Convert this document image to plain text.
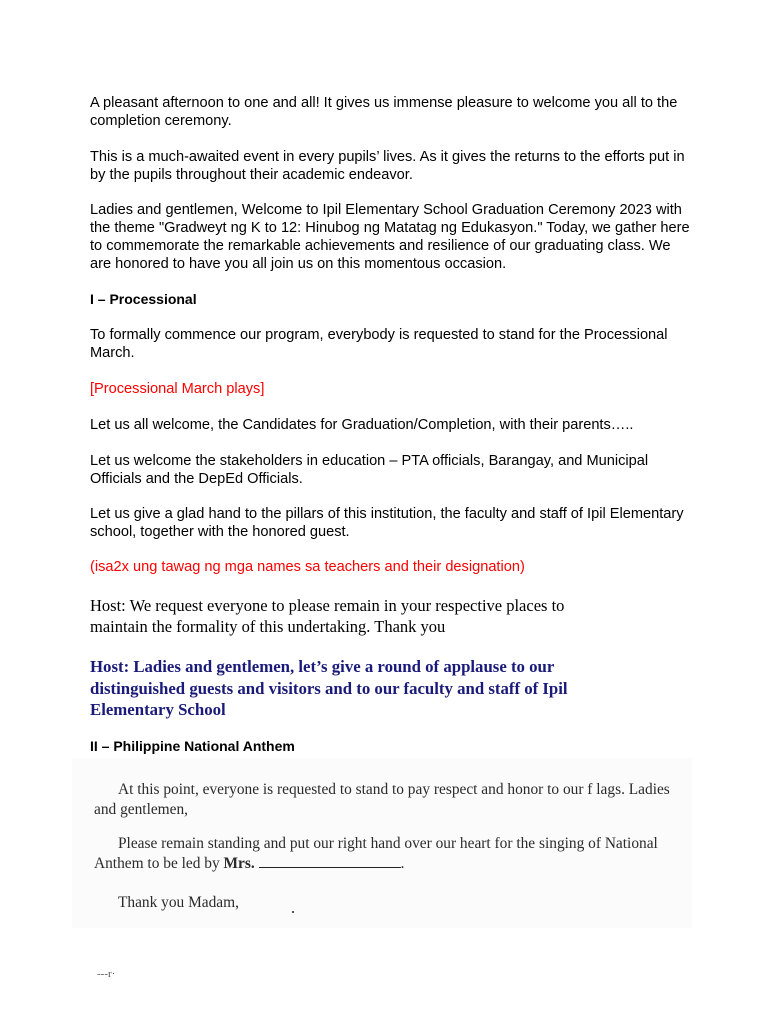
A pleasant afternoon to one and all! It gives us immense pleasure to welcome you all to the completion ceremony.

This is a much-awaited event in every pupils’ lives. As it gives the returns to the efforts put in by the pupils throughout their academic endeavor.

Ladies and gentlemen, Welcome to Ipil Elementary School Graduation Ceremony 2023 with the theme "Gradweyt ng K to 12: Hinubog ng Matatag ng Edukasyon." Today, we gather here to commemorate the remarkable achievements and resilience of our graduating class. We are honored to have you all join us on this momentous occasion.

I – Processional

To formally commence our program, everybody is requested to stand for the Processional March.

[Processional March plays]

Let us all welcome, the Candidates for Graduation/Completion, with their parents…..

Let us welcome the stakeholders in education – PTA officials, Barangay, and Municipal Officials and the DepEd Officials.

Let us give a glad hand to the pillars of this institution, the faculty and staff of Ipil Elementary school, together with the honored guest.

(isa2x ung tawag ng mga names sa teachers and their designation)

Host: We request everyone to please remain in your respective places to maintain the formality of this undertaking. Thank you

Host: Ladies and gentlemen, let’s give a round of applause to our distinguished guests and visitors and to our faculty and staff of Ipil Elementary School

II – Philippine National Anthem

At this point, everyone is requested to stand to pay respect and honor to our f lags. Ladies and gentlemen,

Please remain standing and put our right hand over our heart for the singing of National Anthem to be led by Mrs.	.

Thank you Madam,

---r·
